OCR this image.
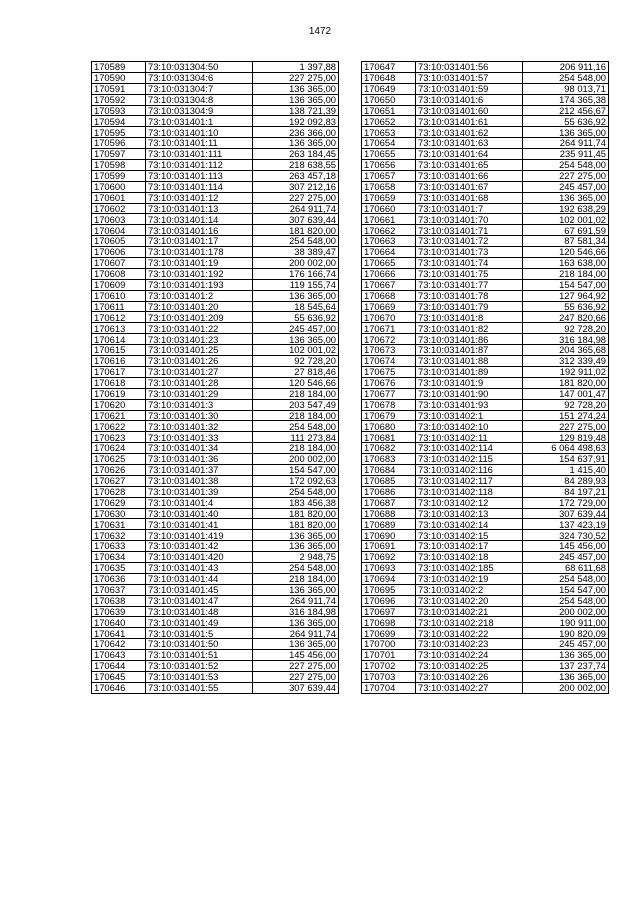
1472
170589	73:10:031304:50	1 397,88
170590	73:10:031304:6	227 275,00
170591	73:10:031304:7	136 365,00
170592	73:10:031304:8	136 365,00
170593	73:10:031304:9	138 721,39
170594	73:10:031401:1	192 092,83
170595	73:10:031401:10	236 366,00
170596	73:10:031401:11	136 365,00
170597	73:10:031401:111	263 184,45
170598	73:10:031401:112	218 638,55
170599	73:10:031401:113	263 457,18
170600	73:10:031401:114	307 212,16
170601	73:10:031401:12	227 275,00
170602	73:10:031401:13	264 911,74
170603	73:10:031401:14	307 639,44
170604	73:10:031401:16	181 820,00
170605	73:10:031401:17	254 548,00
170606	73:10:031401:178	38 389,47
170607	73:10:031401:19	200 002,00
170608	73:10:031401:192	176 166,74
170609	73:10:031401:193	119 155,74
170610	73:10:031401:2	136 365,00
170611	73:10:031401:20	18 545,64
170612	73:10:031401:209	55 636,92
170613	73:10:031401:22	245 457,00
170614	73:10:031401:23	136 365,00
170615	73:10:031401:25	102 001,02
170616	73:10:031401:26	92 728,20
170617	73:10:031401:27	27 818,46
170618	73:10:031401:28	120 546,66
170619	73:10:031401:29	218 184,00
170620	73:10:031401:3	203 547,49
170621	73:10:031401:30	218 184,00
170622	73:10:031401:32	254 548,00
170623	73:10:031401:33	111 273,84
170624	73:10:031401:34	218 184,00
170625	73:10:031401:36	200 002,00
170626	73:10:031401:37	154 547,00
170627	73:10:031401:38	172 092,63
170628	73:10:031401:39	254 548,00
170629	73:10:031401:4	183 456,38
170630	73:10:031401:40	181 820,00
170631	73:10:031401:41	181 820,00
170632	73:10:031401:419	136 365,00
170633	73:10:031401:42	136 365,00
170634	73:10:031401:420	2 948,75
170635	73:10:031401:43	254 548,00
170636	73:10:031401:44	218 184,00
170637	73:10:031401:45	136 365,00
170638	73:10:031401:47	264 911,74
170639	73:10:031401:48	316 184,98
170640	73:10:031401:49	136 365,00
170641	73:10:031401:5	264 911,74
170642	73:10:031401:50	136 365,00
170643	73:10:031401:51	145 456,00
170644	73:10:031401:52	227 275,00
170645	73:10:031401:53	227 275,00
170646	73:10:031401:55	307 639,44
170647	73:10:031401:56	206 911,16
170648	73:10:031401:57	254 548,00
170649	73:10:031401:59	98 013,71
170650	73:10:031401:6	174 365,38
170651	73:10:031401:60	212 456,67
170652	73:10:031401:61	55 636,92
170653	73:10:031401:62	136 365,00
170654	73:10:031401:63	264 911,74
170655	73:10:031401:64	235 911,45
170656	73:10:031401:65	254 548,00
170657	73:10:031401:66	227 275,00
170658	73:10:031401:67	245 457,00
170659	73:10:031401:68	136 365,00
170660	73:10:031401:7	192 638,29
170661	73:10:031401:70	102 001,02
170662	73:10:031401:71	67 691,59
170663	73:10:031401:72	87 581,34
170664	73:10:031401:73	120 546,66
170665	73:10:031401:74	163 638,00
170666	73:10:031401:75	218 184,00
170667	73:10:031401:77	154 547,00
170668	73:10:031401:78	127 964,92
170669	73:10:031401:79	55 636,92
170670	73:10:031401:8	247 820,66
170671	73:10:031401:82	92 728,20
170672	73:10:031401:86	316 184,98
170673	73:10:031401:87	204 365,68
170674	73:10:031401:88	312 339,49
170675	73:10:031401:89	192 911,02
170676	73:10:031401:9	181 820,00
170677	73:10:031401:90	147 001,47
170678	73:10:031401:93	92 728,20
170679	73:10:031402:1	151 274,24
170680	73:10:031402:10	227 275,00
170681	73:10:031402:11	129 819,48
170682	73:10:031402:114	6 064 498,63
170683	73:10:031402:115	154 637,91
170684	73:10:031402:116	1 415,40
170685	73:10:031402:117	84 289,93
170686	73:10:031402:118	84 197,21
170687	73:10:031402:12	172 729,00
170688	73:10:031402:13	307 639,44
170689	73:10:031402:14	137 423,19
170690	73:10:031402:15	324 730,52
170691	73:10:031402:17	145 456,00
170692	73:10:031402:18	245 457,00
170693	73:10:031402:185	68 611,68
170694	73:10:031402:19	254 548,00
170695	73:10:031402:2	154 547,00
170696	73:10:031402:20	254 548,00
170697	73:10:031402:21	200 002,00
170698	73:10:031402:218	190 911,00
170699	73:10:031402:22	190 820,09
170700	73:10:031402:23	245 457,00
170701	73:10:031402:24	136 365,00
170702	73:10:031402:25	137 237,74
170703	73:10:031402:26	136 365,00
170704	73:10:031402:27	200 002,00
